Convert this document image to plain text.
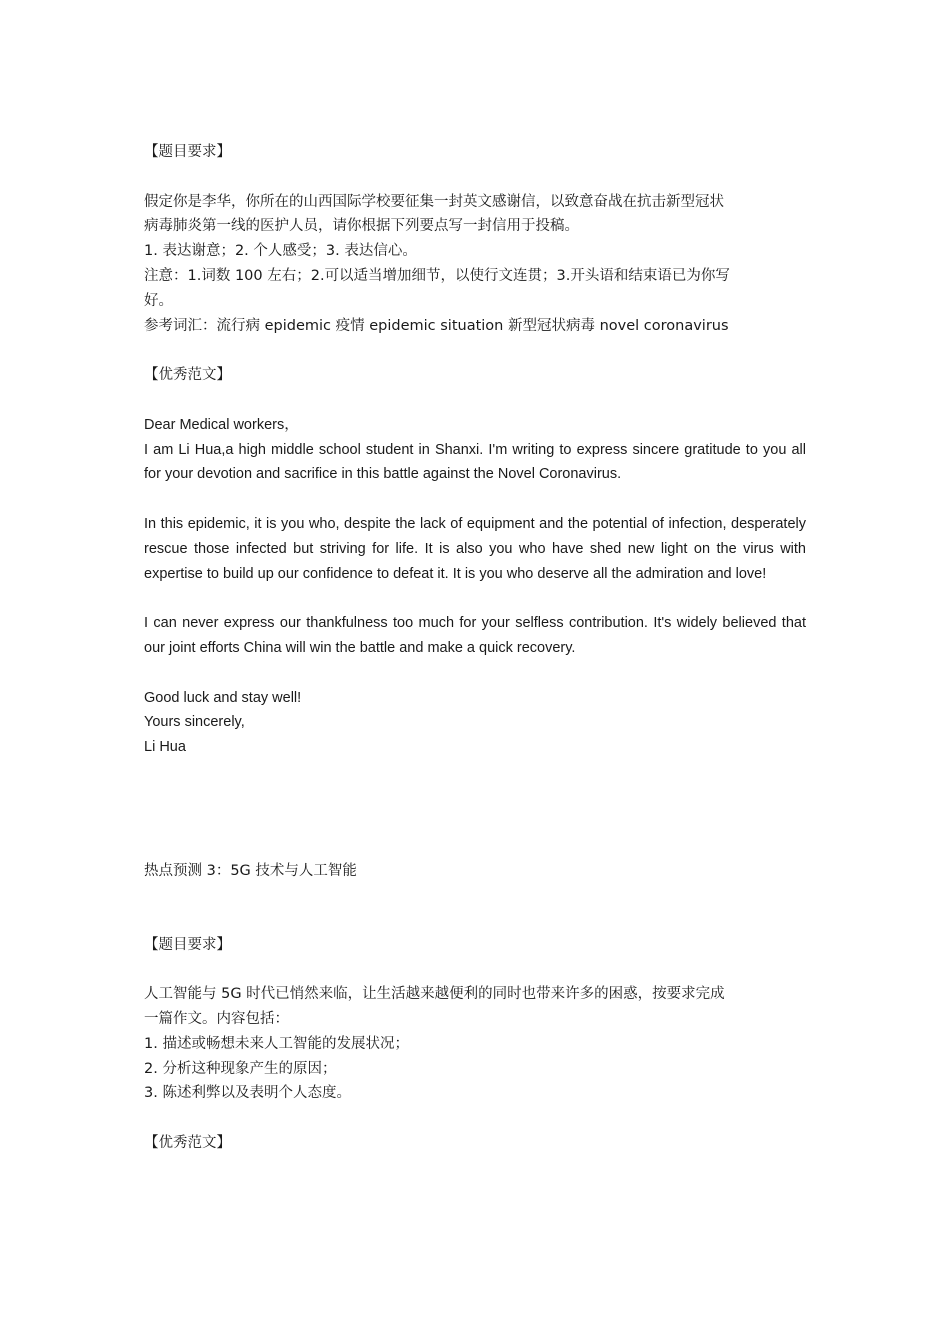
【题目要求】
假定你是李华，你所在的山西国际学校要征集一封英文感谢信，以致意奋战在抗击新型冠状
病毒肺炎第一线的医护人员，请你根据下列要点写一封信用于投稿。
1. 表达谢意；2. 个人感受；3. 表达信心。
注意：1.词数 100 左右；2.可以适当增加细节，以使行文连贯；3.开头语和结束语已为你写
好。
参考词汇：流行病 epidemic 疫情 epidemic situation 新型冠状病毒 novel coronavirus
【优秀范文】
Dear Medical workers，
I am Li Hua,a high middle school student in Shanxi. I'm writing to express sincere gratitude to you all for your devotion and sacrifice in this battle against the Novel Coronavirus.
In this epidemic, it is you who, despite the lack of equipment and the potential of infection, desperately rescue those infected but striving for life. It is also you who have shed new light on the virus with expertise to build up our confidence to defeat it. It is you who deserve all the admiration and love!
I can never express our thankfulness too much for your selfless contribution. It's widely believed that our joint efforts China will win the battle and make a quick recovery.
Good luck and stay well!
Yours sincerely,
Li Hua
热点预测 3：5G 技术与人工智能
【题目要求】
人工智能与 5G 时代已悄然来临，让生活越来越便利的同时也带来许多的困惑，按要求完成
一篇作文。内容包括：
1. 描述或畅想未来人工智能的发展状况；
2. 分析这种现象产生的原因；
3. 陈述利弊以及表明个人态度。
【优秀范文】
